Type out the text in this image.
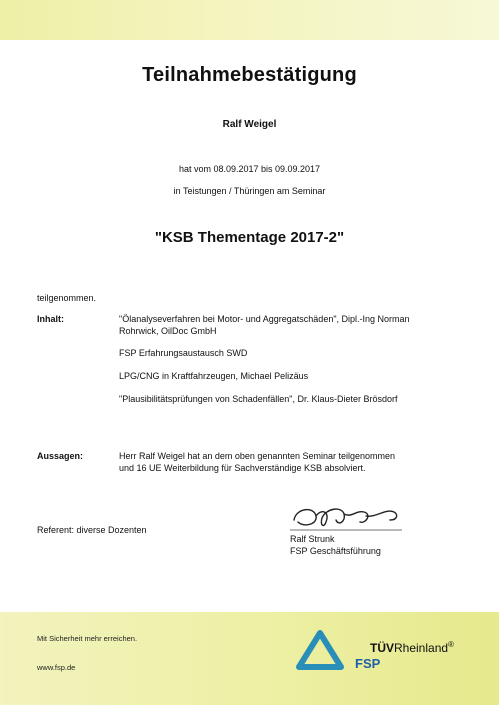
Teilnahmebestätigung
Ralf Weigel
hat vom 08.09.2017 bis 09.09.2017
in Teistungen / Thüringen am Seminar
"KSB Thementage 2017-2"
teilgenommen.
Inhalt:	"Ölanalyseverfahren bei Motor- und Aggregatschäden", Dipl.-Ing Norman
Rohrwick, OilDoc GmbH
FSP Erfahrungsaustausch SWD
LPG/CNG in Kraftfahrzeugen, Michael Pelizäus
"Plausibilitätsprüfungen von Schadenfällen", Dr. Klaus-Dieter Brösdorf
Aussagen:	Herr Ralf Weigel hat an dem oben genannten Seminar teilgenommen
und 16 UE Weiterbildung für Sachverständige KSB absolviert.
Referent: diverse Dozenten
Ralf Strunk
FSP Geschäftsführung
Mit Sicherheit mehr erreichen.
www.fsp.de
TÜVRheinland®
FSP
